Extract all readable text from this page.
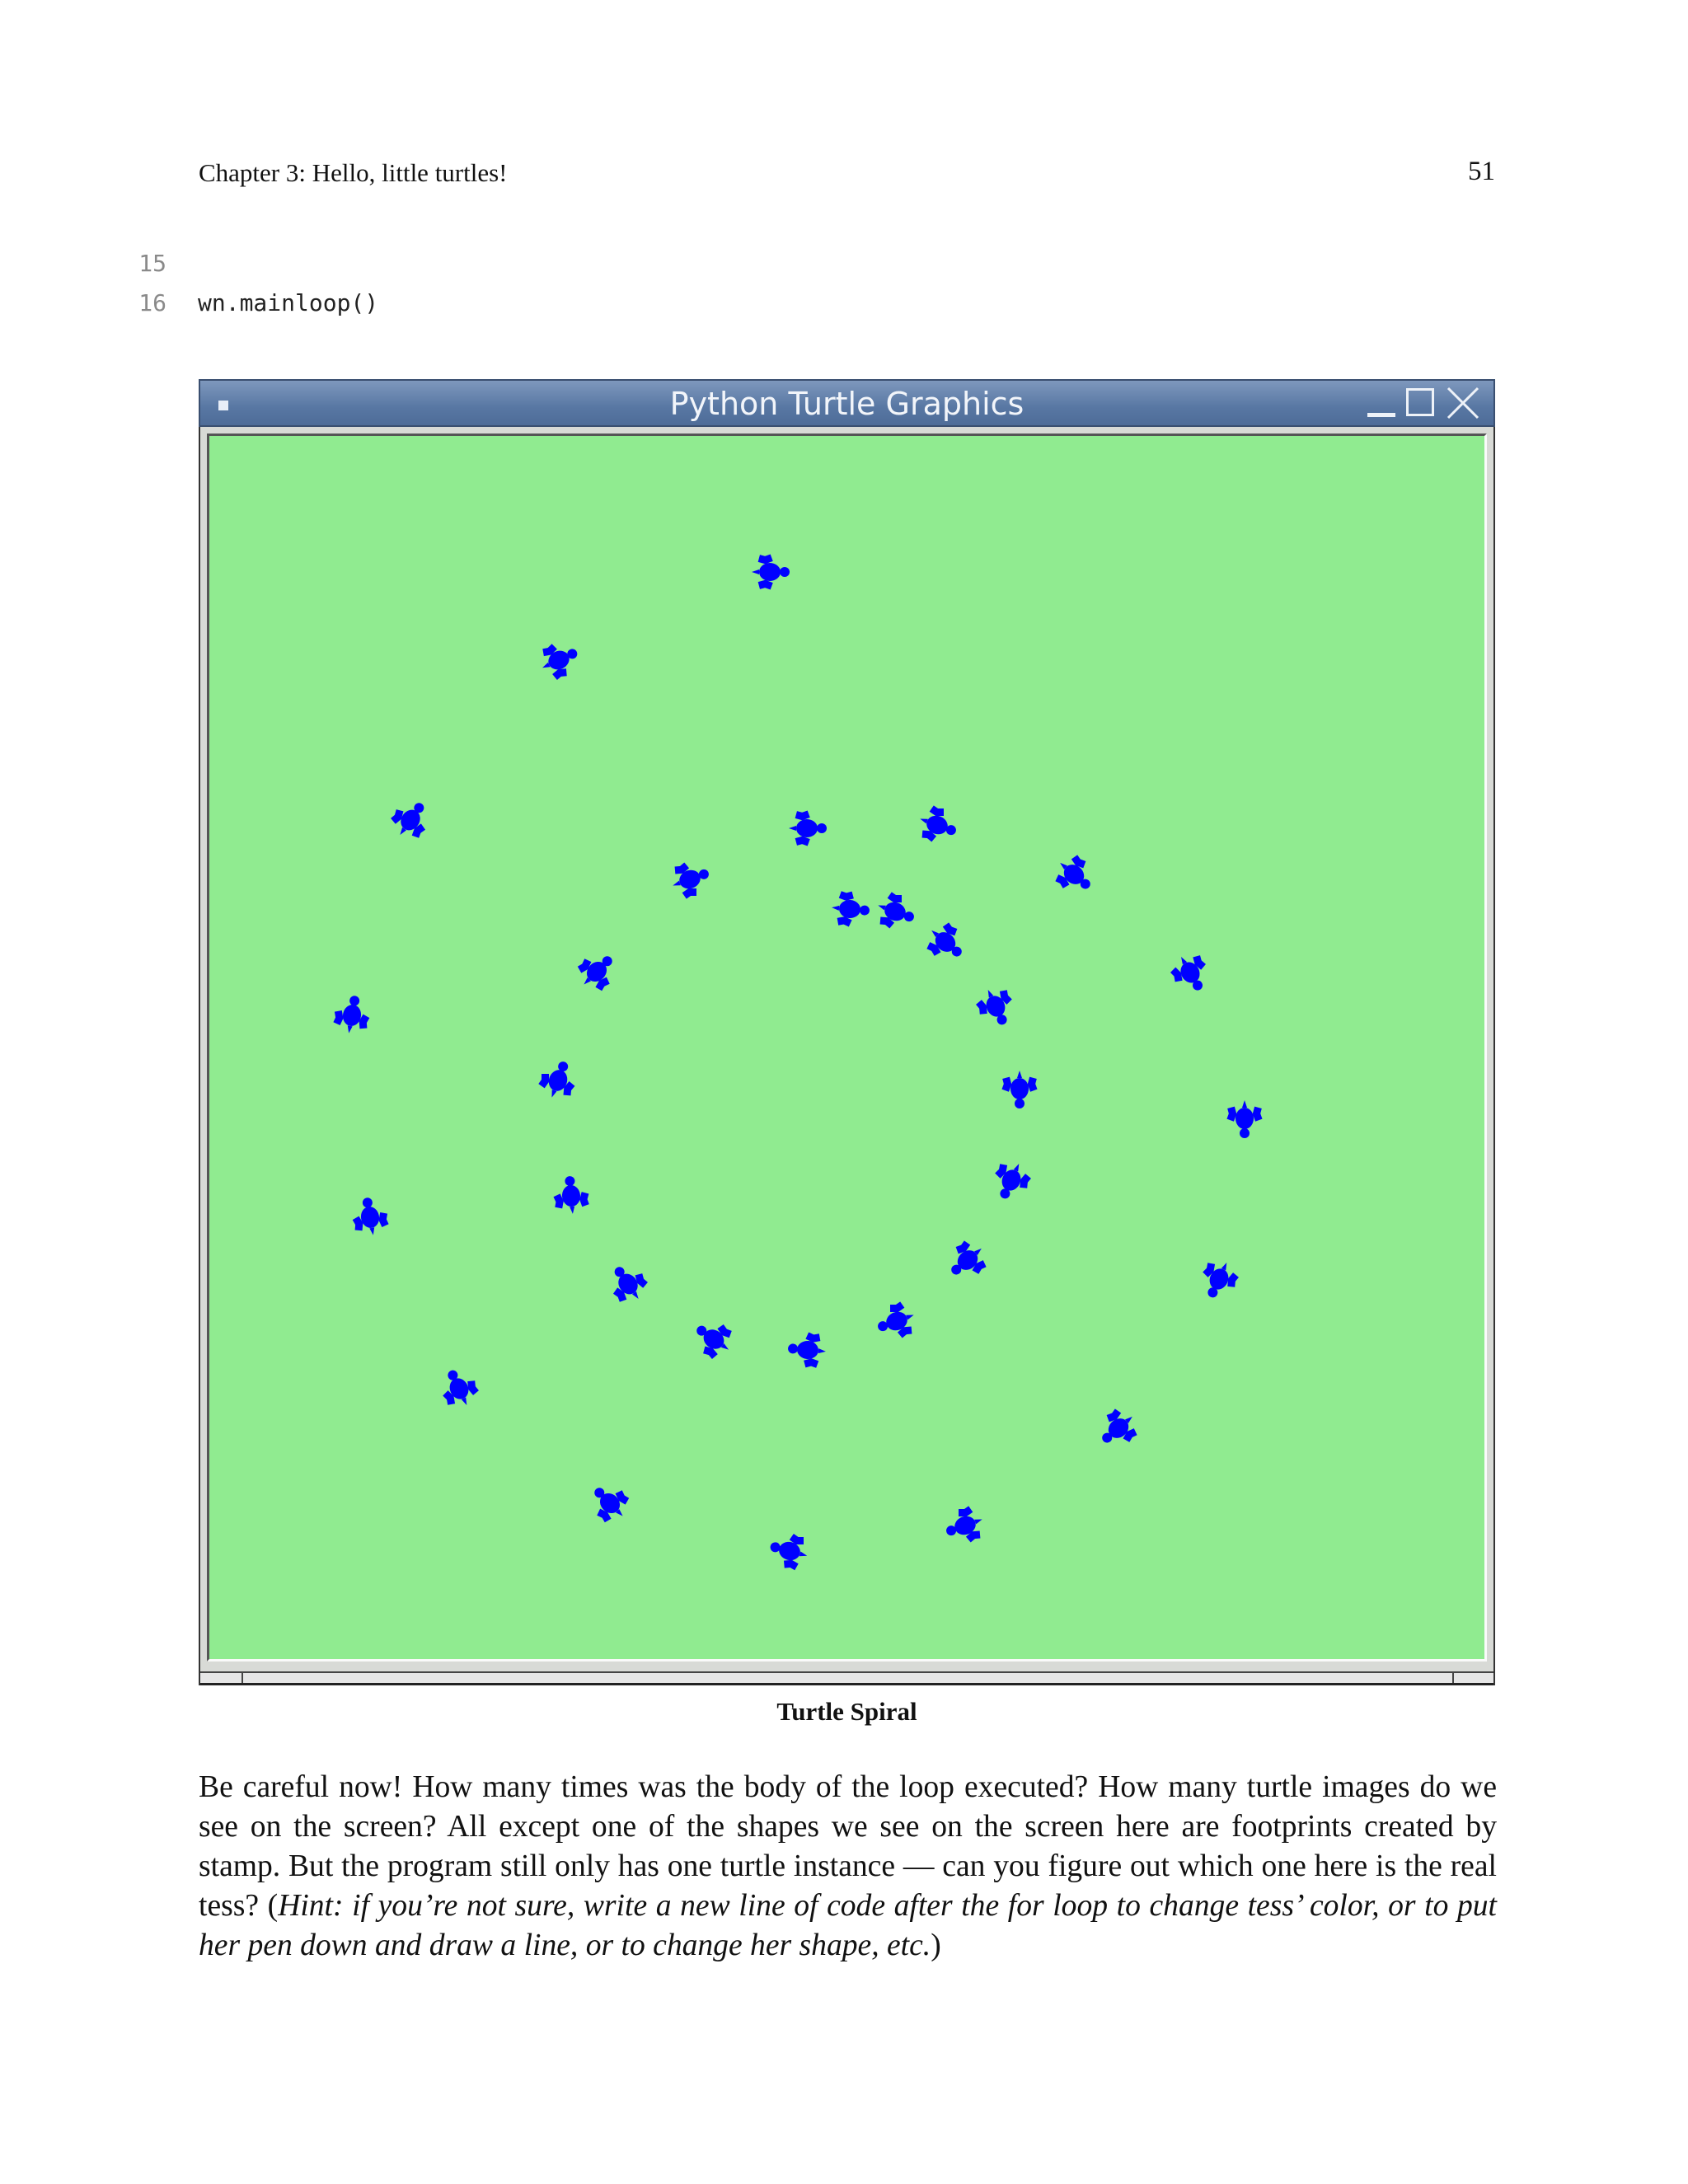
Chapter 3: Hello, little turtles!	51
15
16 wn.mainloop()
Python Turtle Graphics
Turtle Spiral

Be careful now! How many times was the body of the loop executed? How many turtle images do we see on the screen? All except one of the shapes we see on the screen here are footprints created by stamp. But the program still only has one turtle instance — can you figure out which one here is the real tess? (Hint: if you’re not sure, write a new line of code after the for loop to change tess’ color, or to put her pen down and draw a line, or to change her shape, etc.)
